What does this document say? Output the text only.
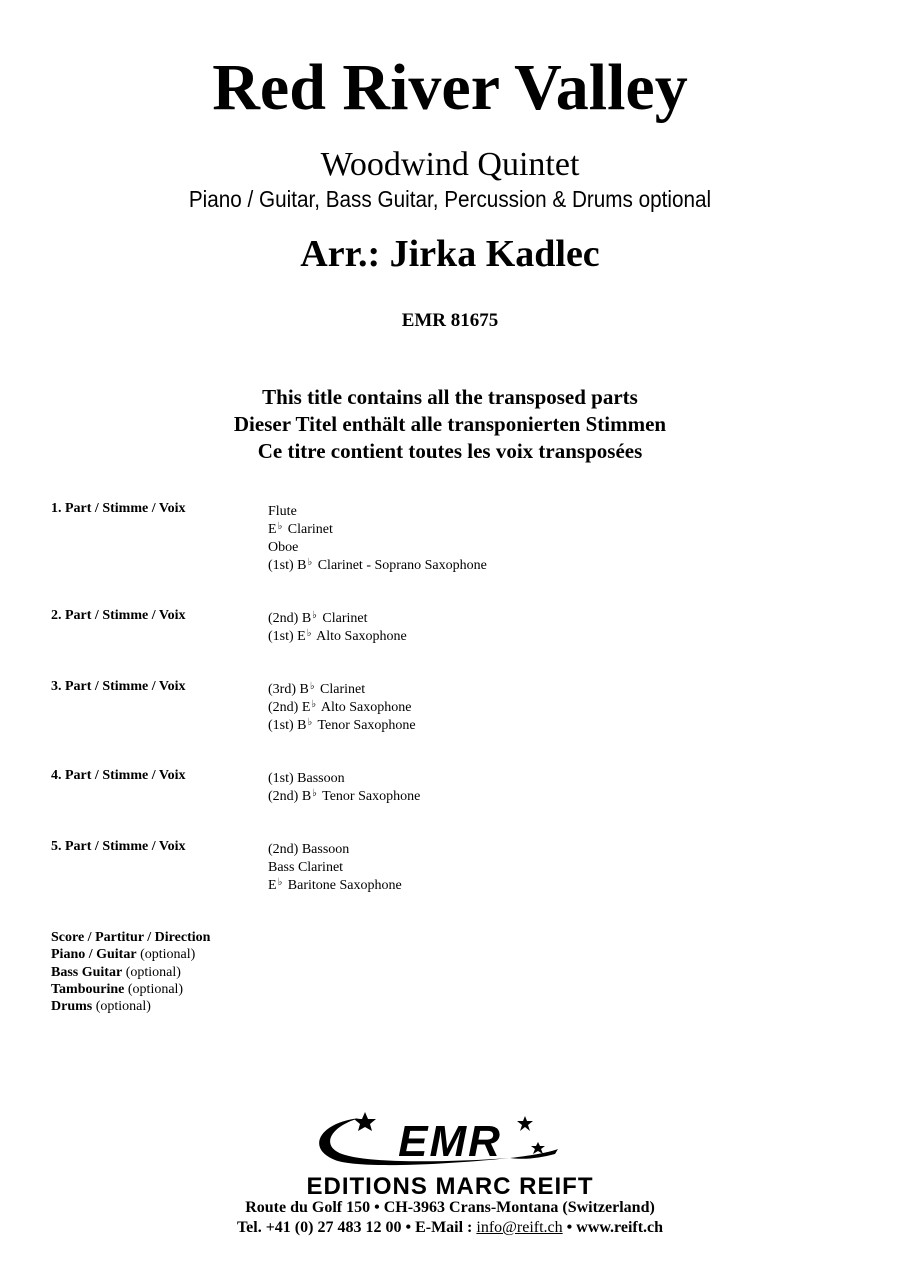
Red River Valley
Woodwind Quintet
Piano / Guitar, Bass Guitar, Percussion & Drums optional
Arr.: Jirka Kadlec
EMR 81675
This title contains all the transposed parts
Dieser Titel enthält alle transponierten Stimmen
Ce titre contient toutes les voix transposées
1. Part / Stimme / Voix	Flute
E♭ Clarinet
Oboe
(1st) B♭ Clarinet - Soprano Saxophone
2. Part / Stimme / Voix	(2nd) B♭ Clarinet
(1st) E♭ Alto Saxophone
3. Part / Stimme / Voix	(3rd) B♭ Clarinet
(2nd) E♭ Alto Saxophone
(1st) B♭ Tenor Saxophone
4. Part / Stimme / Voix	(1st) Bassoon
(2nd) B♭ Tenor Saxophone
5. Part / Stimme / Voix	(2nd) Bassoon
Bass Clarinet
E♭ Baritone Saxophone
Score / Partitur / Direction
Piano / Guitar (optional)
Bass Guitar (optional)
Tambourine (optional)
Drums (optional)
EMR
EDITIONS MARC REIFT
Route du Golf 150 • CH-3963 Crans-Montana (Switzerland)
Tel. +41 (0) 27 483 12 00 • E-Mail : info@reift.ch • www.reift.ch
